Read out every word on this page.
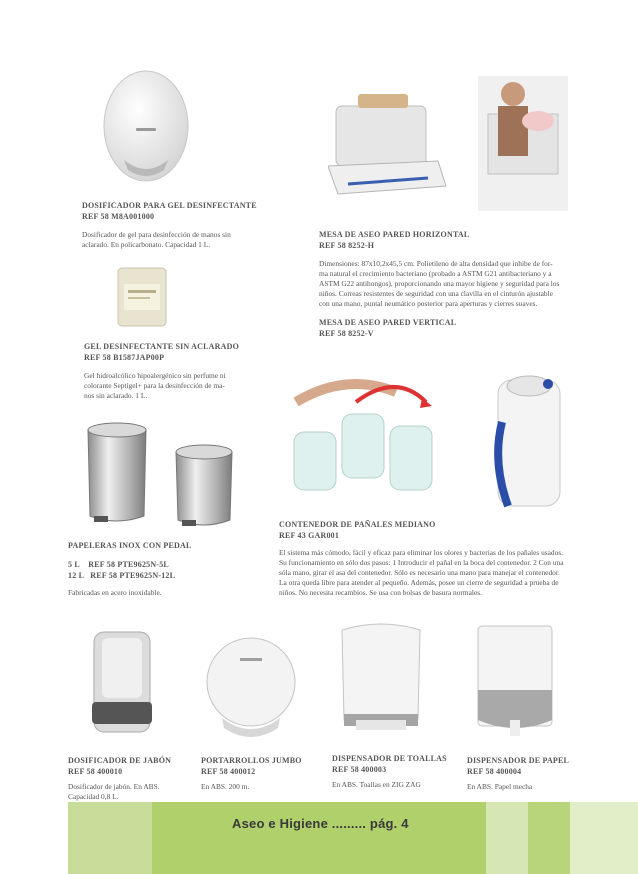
DOSIFICADOR PARA GEL DESINFECTANTE
REF 58 M8A001000
Dosificador de gel para desinfección de manos sin
aclarado. En policarbonato. Capacidad 1 L.
MESA DE ASEO PARED HORIZONTAL
REF 58 8252-H
Dimensiones: 87x10,2x45,5 cm. Polietileno de alta densidad que inhibe de for-
ma natural el crecimiento bacteriano (probado a ASTM G21 antibacteriano y a
ASTM G22 antihongos), proporcionando una mayor higiene y seguridad para los
niños. Correas resistentes de seguridad con una clavilla en el cinturón ajustable
con una mano, puntal neumático posterior para aperturas y cierres suaves.
MESA DE ASEO PARED VERTICAL
REF 58 8252-V
GEL DESINFECTANTE SIN ACLARADO
REF 58 B1587JAP00P
Gel hidroalcólico hipoalergénico sin perfume ni
colorante Septigel+ para la desinfección de ma-
nos sin aclarado. 1 L.
PAPELERAS INOX CON PEDAL
5 L    REF 58 PTE9625N-5L
12 L   REF 58 PTE9625N-12L
Fabricadas en acero inoxidable.
CONTENEDOR DE PAÑALES MEDIANO
REF 43 GAR001
El sistema más cómodo, fácil y eficaz para eliminar los olores y bacterias de los pañales usados.
Su funcionamiento en sólo dos pasos: 1 Introducir el pañal en la boca del contenedor. 2 Con una
sóla mano, girar el asa del contenedor. Sólo es necesario una mano para manejar el contenedor.
La otra queda libre para atender al pequeño. Además, posee un cierre de seguridad a prueba de
niños. No necesita recambios. Se usa con bolsas de basura normales.
DOSIFICADOR DE JABÓN
REF 58 400010
Dosificador de jabón. En ABS.
Capacidad 0,8 L.
PORTARROLLOS JUMBO
REF 58 400012
En ABS. 200 m.
DISPENSADOR DE TOALLAS
REF 58 400003
En ABS. Toallas en ZIG ZAG
DISPENSADOR DE PAPEL
REF 58 400004
En ABS. Papel mecha
Aseo e Higiene ......... pág. 4
